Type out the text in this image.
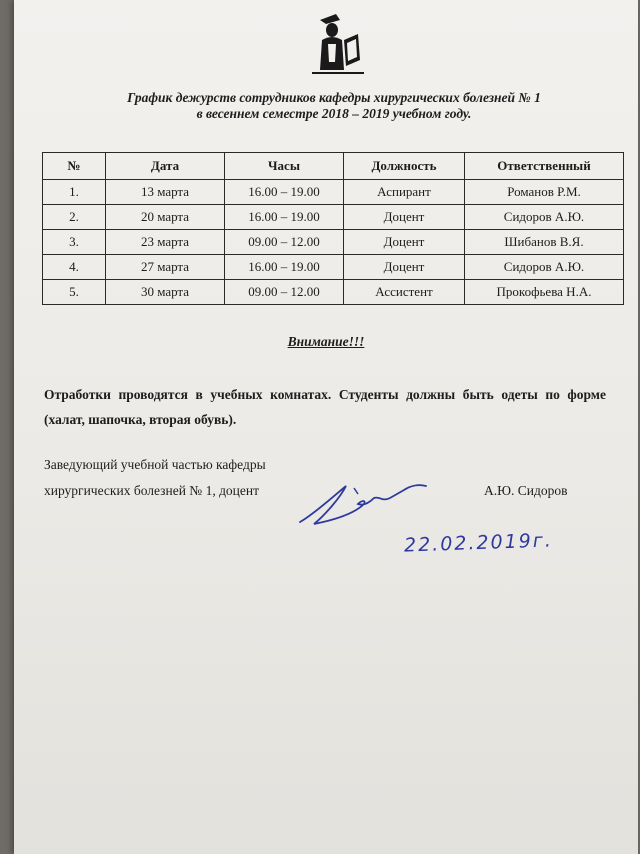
График дежурств сотрудников кафедры хирургических болезней № 1
в весеннем семестре 2018 – 2019 учебном году.
№	Дата	Часы	Должность	Ответственный
1.	13 марта	16.00 – 19.00	Аспирант	Романов Р.М.
2.	20 марта	16.00 – 19.00	Доцент	Сидоров А.Ю.
3.	23 марта	09.00 – 12.00	Доцент	Шибанов В.Я.
4.	27 марта	16.00 – 19.00	Доцент	Сидоров А.Ю.
5.	30 марта	09.00 – 12.00	Ассистент	Прокофьева Н.А.
Внимание!!!
Отработки проводятся в учебных комнатах. Студенты должны быть одеты по форме (халат, шапочка, вторая обувь).
Заведующий учебной частью кафедры
хирургических болезней № 1, доцент	А.Ю. Сидоров
22.02.2019г.
